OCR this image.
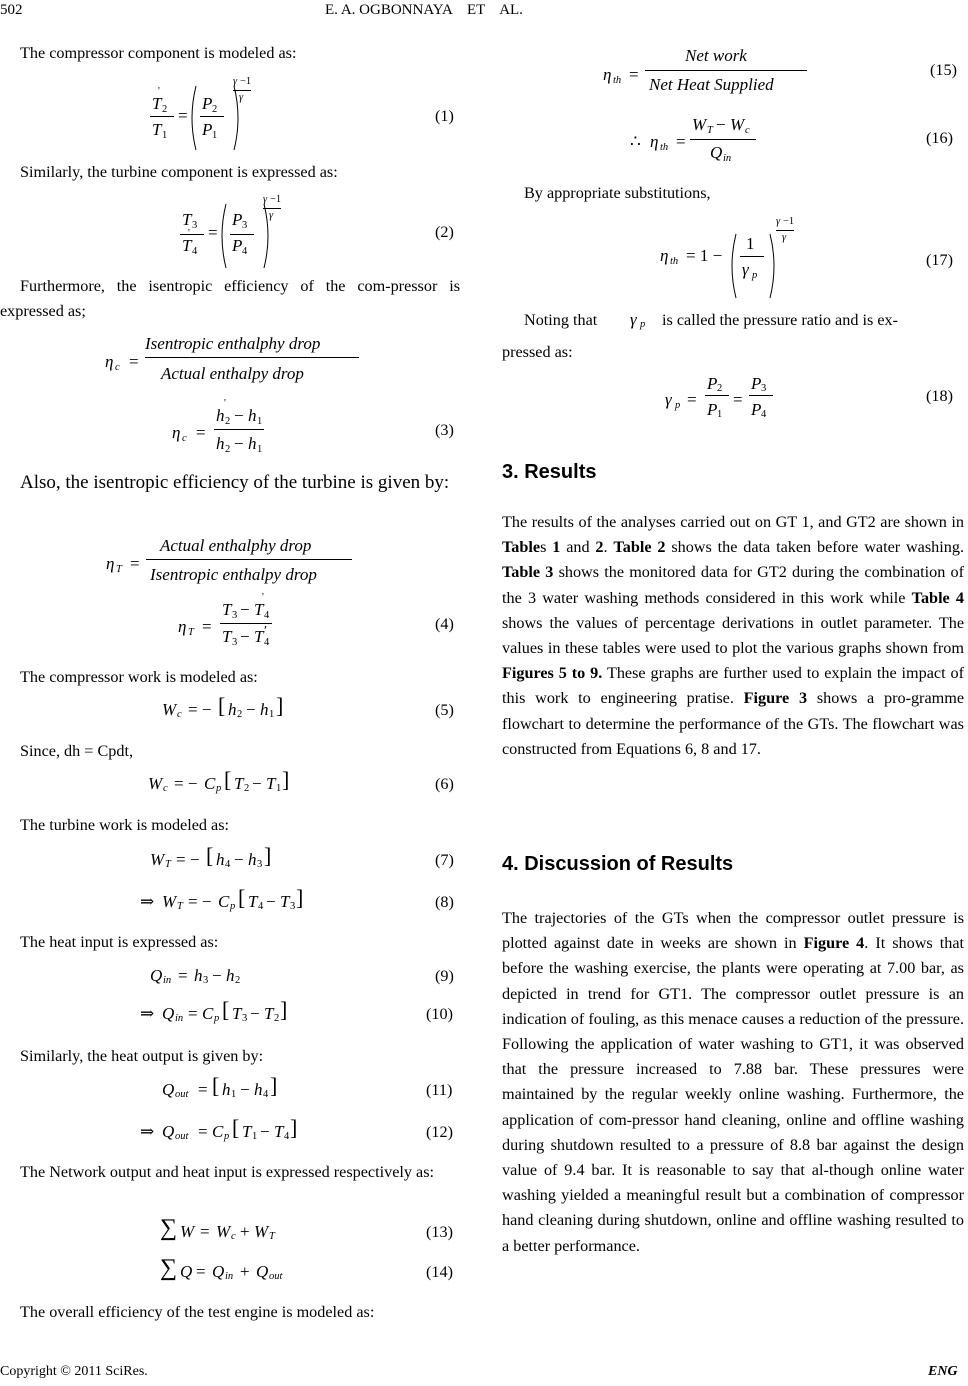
502	E. A. OGBONNAYA    ET    AL.
The compressor component is modeled as:
T 2
'
T 1
=
P 2
P 1
γ −1
γ
(1)
Similarly, the turbine component is expressed as:
T 3
T 4
' =
P 3
P 4
γ −1
γ
(2)
Furthermore, the isentropic efficiency of the com-pressor is expressed as;
η c =
Isentropic enthalphy drop
Actual enthalpy drop
η c =
h 2
'
− h 1
h 2 − h 1
(3)
Also, the isentropic efficiency of the turbine is given by:
η T =
Actual enthalphy drop
Isentropic enthalpy drop
η T =
T 3 − T 4
'
T 3 − T 4
′	(4)
The compressor work is modeled as:
W c = − [ h 2 − h 1 ]	(5)
Since, dh = Cpdt,
W c = − C p [ T 2 − T 1 ]	(6)
The turbine work is modeled as:
W T = − [ h 4 − h 3 ]	(7)
⇒ W T = − C p [ T 4 − T 3 ]	(8)
The heat input is expressed as:
Q in = h 3 − h 2	(9)
⇒ Q in = C p [ T 3 − T 2 ]	(10)
Similarly, the heat output is given by:
Q out = [ h 1 − h 4 ]	(11)
⇒ Q out = C p [ T 1 − T 4 ]	(12)
The Network output and heat input is expressed respectively as:
∑ W = W c + W T	(13)
∑ Q = Q in + Q out	(14)
The overall efficiency of the test engine is modeled as:
η th =
Net work
Net Heat Supplied
(15)
∴ η th =
W T − W c
Q in
(16)
By appropriate substitutions,
η th = 1 −
1
γ p
γ −1
γ
(17)
Noting that γ p is called the pressure ratio and is ex-
pressed as:
γ p =
P 2
P 1
=
P 3
P 4
(18)
3. Results

The results of the analyses carried out on GT 1, and GT2 are shown in Tables 1 and 2. Table 2 shows the data taken before water washing. Table 3 shows the monitored data for GT2 during the combination of the 3 water washing methods considered in this work while Table 4 shows the values of percentage derivations in outlet parameter. The values in these tables were used to plot the various graphs shown from Figures 5 to 9. These graphs are further used to explain the impact of this work to engineering pratise. Figure 3 shows a pro-gramme flowchart to determine the performance of the GTs. The flowchart was constructed from Equations 6, 8 and 17.

4. Discussion of Results

The trajectories of the GTs when the compressor outlet pressure is plotted against date in weeks are shown in Figure 4. It shows that before the washing exercise, the plants were operating at 7.00 bar, as depicted in trend for GT1. The compressor outlet pressure is an indication of fouling, as this menace causes a reduction of the pressure. Following the application of water washing to GT1, it was observed that the pressure increased to 7.88 bar. These pressures were maintained by the regular weekly online washing. Furthermore, the application of com-pressor hand cleaning, online and offline washing during shutdown resulted to a pressure of 8.8 bar against the design value of 9.4 bar. It is reasonable to say that al-though online water washing yielded a meaningful result but a combination of compressor hand cleaning during shutdown, online and offline washing resulted to a better performance.

Copyright © 2011 SciRes.	ENG
